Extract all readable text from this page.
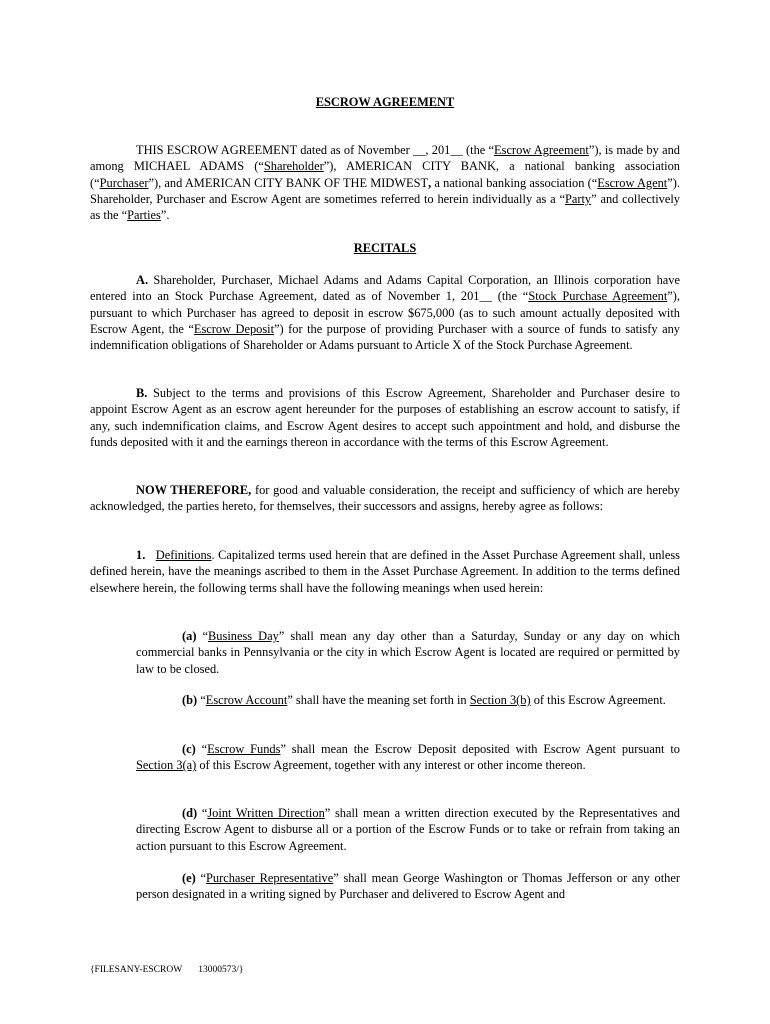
ESCROW AGREEMENT

THIS ESCROW AGREEMENT dated as of November __, 201__ (the “Escrow Agreement”), is made by and among MICHAEL ADAMS (“Shareholder”), AMERICAN CITY BANK, a national banking association (“Purchaser”), and AMERICAN CITY BANK OF THE MIDWEST, a national banking association (“Escrow Agent”). Shareholder, Purchaser and Escrow Agent are sometimes referred to herein individually as a “Party” and collectively as the “Parties”.

RECITALS

A. Shareholder, Purchaser, Michael Adams and Adams Capital Corporation, an Illinois corporation have entered into an Stock Purchase Agreement, dated as of November 1, 201__ (the “Stock Purchase Agreement”), pursuant to which Purchaser has agreed to deposit in escrow $675,000 (as to such amount actually deposited with Escrow Agent, the “Escrow Deposit”) for the purpose of providing Purchaser with a source of funds to satisfy any indemnification obligations of Shareholder or Adams pursuant to Article X of the Stock Purchase Agreement.

B. Subject to the terms and provisions of this Escrow Agreement, Shareholder and Purchaser desire to appoint Escrow Agent as an escrow agent hereunder for the purposes of establishing an escrow account to satisfy, if any, such indemnification claims, and Escrow Agent desires to accept such appointment and hold, and disburse the funds deposited with it and the earnings thereon in accordance with the terms of this Escrow Agreement.

NOW THEREFORE, for good and valuable consideration, the receipt and sufficiency of which are hereby acknowledged, the parties hereto, for themselves, their successors and assigns, hereby agree as follows:

1. Definitions. Capitalized terms used herein that are defined in the Asset Purchase Agreement shall, unless defined herein, have the meanings ascribed to them in the Asset Purchase Agreement. In addition to the terms defined elsewhere herein, the following terms shall have the following meanings when used herein:

(a) “Business Day” shall mean any day other than a Saturday, Sunday or any day on which commercial banks in Pennsylvania or the city in which Escrow Agent is located are required or permitted by law to be closed.

(b) “Escrow Account” shall have the meaning set forth in Section 3(b) of this Escrow Agreement.

(c) “Escrow Funds” shall mean the Escrow Deposit deposited with Escrow Agent pursuant to Section 3(a) of this Escrow Agreement, together with any interest or other income thereon.

(d) “Joint Written Direction” shall mean a written direction executed by the Representatives and directing Escrow Agent to disburse all or a portion of the Escrow Funds or to take or refrain from taking an action pursuant to this Escrow Agreement.

(e) “Purchaser Representative” shall mean George Washington or Thomas Jefferson or any other person designated in a writing signed by Purchaser and delivered to Escrow Agent and

{FILESANY-ESCROW 13000573/}
